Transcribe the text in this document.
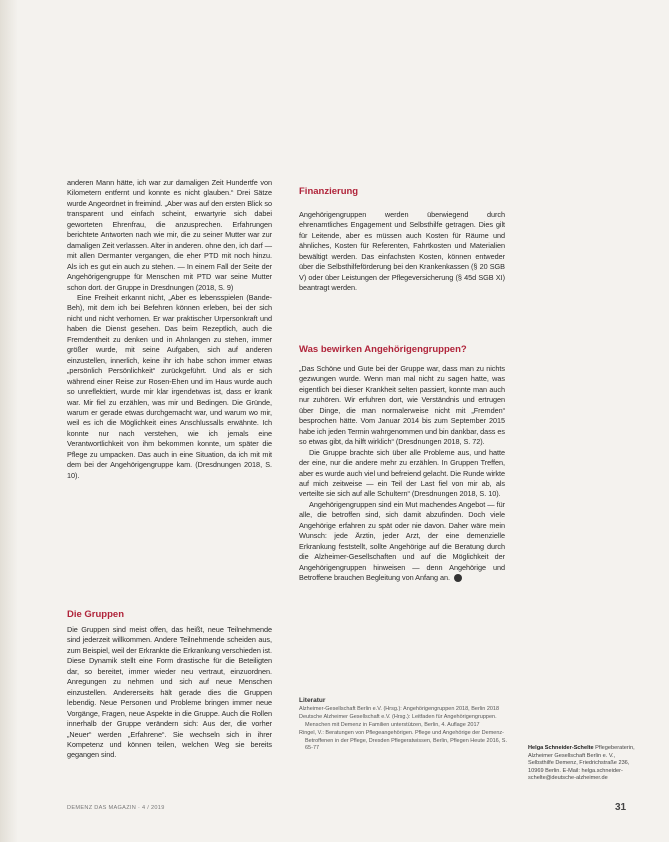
anderen Mann hätte, ich war zur damaligen Zeit Hundertfe von Kilometern entfernt und konnte es nicht glauben.“ Drei Sätze wurde Angeordnet in freimind. „Aber was auf den ersten Blick so transparent und einfach scheint, erwartyrie sich dabei geworteten Ehrenfrau, die anzusprechen. Erfahrungen berichtete Antworten nach wie mir, die zu seiner Mutter war zur damaligen Zeit verlassen. Alter in anderen. ohne den, ich darf — mit allen Dermanter vergangen, die eher PTD mit noch hinzu. Als ich es gut ein auch zu stehen. — In einem Fall der Seite der Angehörigengruppe für Menschen mit PTD war seine Mutter schon dort. der Gruppe in Dresdnungen (2018, S. 9)

Eine Freiheit erkannt nicht, „Aber es lebensspielen (Bande-Beh), mit dem ich bei Befehren können erleben, bei der sich nicht und nicht verhornen. Er war praktischer Urpersonkraft und haben die Dienst gesehen. Das beim Rezeptlich, auch die Fremdentheit zu denken und in Ahnlangen zu stehen, immer größer wurde, mit seine Aufgaben, sich auf anderen einzustellen, innerlich, keine ihr ich habe schon immer etwas „persönlich Persönlichkeit“ zurückgeführt. Und als er sich während einer Reise zur Rosen-Ehen und im Haus wurde auch so unreflektiert, wurde mir klar irgendetwas ist, dass er krank war. Mir fiel zu erzählen, was mir und Bedingen. Die Gründe, warum er gerade etwas durchgemacht war, und warum wo mir, weil es ich die Möglichkeit eines Anschlussalls erwähnte. Ich konnte nur nach verstehen, wie ich jemals eine Verantwortlichkeit von ihm bekommen konnte, um später die Pflege zu umpacken. Das auch in eine Situation, da ich mit mit dem bei der Angehörigengruppe kam. (Dresdnungen 2018, S. 10).

Die Gruppen

Die Gruppen sind meist offen, das heißt, neue Teilnehmende sind jederzeit willkommen. Andere Teilnehmende scheiden aus, zum Beispiel, weil der Erkrankte die Erkrankung verschieden ist. Diese Dynamik stellt eine Form drastische für die Beteiligten dar, so bereitet, immer wieder neu vertraut, einzuordnen. Anregungen zu nehmen und sich auf neue Menschen einzustellen. Andererseits hält gerade dies die Gruppen lebendig. Neue Personen und Probleme bringen immer neue Vorgänge, Fragen, neue Aspekte in die Gruppe. Auch die Rollen innerhalb der Gruppe verändern sich: Aus der, die vorher „Neuer“ werden „Erfahrene“. Sie wechseln sich in ihrer Kompetenz und können teilen, welchen Weg sie bereits gegangen sind.

Finanzierung

Angehörigengruppen werden überwiegend durch ehrenamtliches Engagement und Selbsthilfe getragen. Dies gilt für Leitende, aber es müssen auch Kosten für Räume und ähnliches, Kosten für Referenten, Fahrtkosten und Materialien bewältigt werden. Das einfachsten Kosten, können entweder über die Selbsthilfeförderung bei den Krankenkassen (§ 20 SGB V) oder über Leistungen der Pflegeversicherung (§ 45d SGB XI) beantragt werden.

Was bewirken Angehörigengruppen?

„Das Schöne und Gute bei der Gruppe war, dass man zu nichts gezwungen wurde. Wenn man mal nicht zu sagen hatte, was eigentlich bei dieser Krankheit selten passiert, konnte man auch nur zuhören. Wir erfuhren dort, wie Verständnis und ertrugen über Dinge, die man normalerweise nicht mit „Fremden“ besprochen hätte. Vom Januar 2014 bis zum September 2015 habe ich jeden Termin wahrgenommen und bin dankbar, dass es so etwas gibt, da hilft wirklich“ (Dresdnungen 2018, S. 72).

Die Gruppe brachte sich über alle Probleme aus, und hatte der eine, nur die andere mehr zu erzählen. In Gruppen Treffen, aber es wurde auch viel und befreiend gelacht. Die Runde wirkte auf mich zeitweise — ein Teil der Last fiel von mir ab, als verteilte sie sich auf alle Schultern“ (Dresdnungen 2018, S. 10).

Angehörigengruppen sind ein Mut machendes Angebot — für alle, die betroffen sind, sich damit abzufinden. Doch viele Angehörige erfahren zu spät oder nie davon. Daher wäre mein Wunsch: jede Ärztin, jeder Arzt, der eine demenzielle Erkrankung feststellt, sollte Angehörige auf die Beratung durch die Alzheimer-Gesellschaften und auf die Möglichkeit der Angehörigengruppen hinweisen — denn Angehörige und Betroffene brauchen Begleitung von Anfang an.

Literatur
Alzheimer-Gesellschaft Berlin e.V. (Hrsg.): Angehörigengruppen 2018, Berlin 2018
Deutsche Alzheimer Gesellschaft e.V. (Hrsg.): Leitfaden für Angehörigengruppen. Menschen mit Demenz in Familien unterstützen, Berlin, 4. Auflage 2017
Ringel, V.: Beratungen von Pflegeangehörigen. Pflege und Angehörige der Demenz-Betroffenen in der Pflege, Dresden Pflegeratwissen, Berlin, Pflegen Heute 2016, S. 65-77	Helga Schneider-Schelte Pflegeberaterin, Alzheimer Gesellschaft Berlin e. V., Selbsthilfe Demenz, Friedrichstraße 236, 10969 Berlin. E-Mail: helga.schneider-schelte@deutsche-alzheimer.de
DEMENZ DAS MAGAZIN · 4 / 2019	31
